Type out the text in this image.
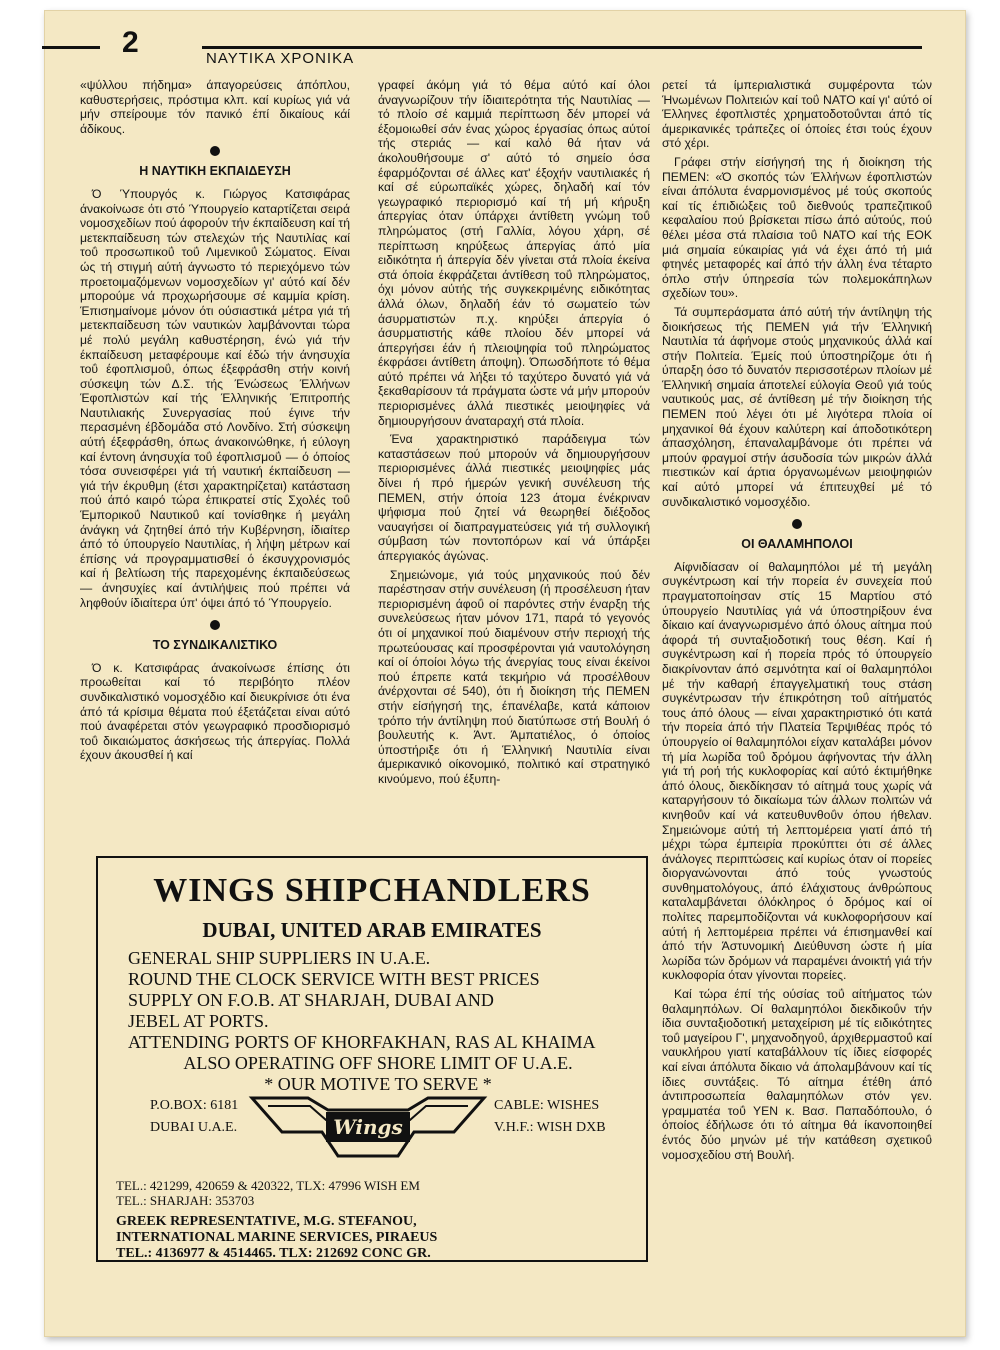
2	ΝΑΥΤΙΚΑ ΧΡΟΝΙΚΑ

«ψύλλου πήδημα» άπαγορεύσεις άπόπλου, καθυστερήσεις, πρόστιμα κλπ. καί κυρίως γιά νά μήν σπείρουμε τόν πανικό έπί δικαίους κάί άδίκους.

Η ΝΑΥΤΙΚΗ ΕΚΠΑΙΔΕΥΣΗ

Ό Ύπουργός κ. Γιώργος Κατσιφάρας άνακοίνωσε ότι στό Ύπουργείο καταρτίζεται σειρά νομοσχεδίων πού άφορούν τήν έκπαίδευση καί τή μετεκπαίδευση τών στελεχών τής Ναυτιλίας καί τοΰ προσωπικοΰ τοΰ Λιμενικοΰ Σώματος. Είναι ώς τή στιγμή αύτή άγνωστο τό περιεχόμενο τών προετοιμαζόμενων νομοσχεδίων γι' αύτό καί δέν μπορούμε νά προχωρήσουμε σέ καμμία κρίση. Έπισημαίνομε μόνον ότι ούσιαστικά μέτρα γιά τή μετεκπαίδευση τών ναυτικών λαμβάνονται τώρα μέ πολύ μεγάλη καθυστέρηση, ένώ γιά τήν έκπαίδευση μεταφέρουμε καί έδώ τήν άνησυχία τοΰ έφοπλισμοΰ, όπως έξεφράσθη στήν κοινή σύσκεψη τών Δ.Σ. τής Ένώσεως Έλλήνων Έφοπλιστών καί τής Έλληνικής Έπιτροπής Ναυτιλιακής Συνεργασίας πού έγινε τήν περασμένη έβδομάδα στό Λονδίνο. Στή σύσκεψη αύτή έξεφράσθη, όπως άνακοινώθηκε, ή εύλογη καί έντονη άνησυχία τοΰ έφοπλισμοΰ — ό όποίος τόσα συνεισφέρει γιά τή ναυτική έκπαίδευση — γιά τήν έκρυθμη (έτσι χαρακτηρίζεται) κατάσταση πού άπό καιρό τώρα έπικρατεί στίς Σχολές τοΰ Έμπορικοΰ Ναυτικοΰ καί τονίσθηκε ή μεγάλη άνάγκη νά ζητηθεί άπό τήν Κυβέρνηση, ίδιαίτερ άπό τό ύπουργείο Ναυτιλίας, ή λήψη μέτρων καί έπίσης νά προγραμματισθεί ό έκσυγχρονισμός καί ή βελτίωση τής παρεχομένης έκπαιδεύσεως — άνησυχίες καί άντιλήψεις πού πρέπει νά ληφθούν ίδιαίτερα ύπ' όψει άπό τό Ύπουργείο.

ΤΟ ΣΥΝΔΙΚΑΛΙΣΤΙΚΟ

Ό κ. Κατσιφάρας άνακοίνωσε έπίσης ότι προωθείται καί τό περιβόητο πλέον συνδικαλιστικό νομοσχέδιο καί διευκρίνισε ότι ένα άπό τά κρίσιμα θέματα πού έξετάζεται είναι αύτό πού άναφέρεται στόν γεωγραφικό προσδιορισμό τοΰ δικαιώματος άσκήσεως τής άπεργίας. Πολλά έχουν άκουσθεί ή καί

γραφεί άκόμη γιά τό θέμα αύτό καί όλοι άναγνωρίζουν τήν ίδιαιτερότητα τής Ναυτιλίας — τό πλοίο σέ καμμιά περίπτωση δέν μπορεί νά έξομοιωθεί σάν ένας χώρος έργασίας όπως αύτοί τής στεριάς — καί καλό θά ήταν νά άκολουθήσουμε σ' αύτό τό σημείο όσα έφαρμόζονται σέ άλλες κατ' έξοχήν ναυτιλιακές ή καί σέ εύρωπαϊκές χώρες, δηλαδή καί τόν γεωγραφικό περιορισμό καί τή μή κήρυξη άπεργίας όταν ύπάρχει άντίθετη γνώμη τοΰ πληρώματος (στή Γαλλία, λόγου χάρη, σέ περίπτωση κηρύξεως άπεργίας άπό μία ειδικότητα ή άπεργία δέν γίνεται στά πλοία έκείνα στά όποία έκφράζεται άντίθεση τοΰ πληρώματος, όχι μόνον αύτής τής συγκεκριμένης ειδικότητας άλλά όλων, δηλαδή έάν τό σωματείο τών άσυρματιστών π.χ. κηρύξει άπεργία ό άσυρματιστής κάθε πλοίου δέν μπορεί νά άπεργήσει έάν ή πλειοψηφία τοΰ πληρώματος έκφράσει άντίθετη άποψη). Όπωσδήποτε τό θέμα αύτό πρέπει νά λήξει τό ταχύτερο δυνατό γιά νά ξεκαθαρίσουν τά πράγματα ώστε νά μήν μπορούν περιορισμένες άλλά πιεστικές μειοψηφίες νά δημιουργήσουν άναταραχή στά πλοία.

Ένα χαρακτηριστικό παράδειγμα τών καταστάσεων πού μπορούν νά δημιουργήσουν περιορισμένες άλλά πιεστικές μειοψηφίες μάς δίνει ή πρό ήμερών γενική συνέλευση τής ΠΕΜΕΝ, στήν όποία 123 άτομα ένέκριναν ψήφισμα πού ζητεί νά θεωρηθεί διέξοδος ναυαγήσει οί διαπραγματεύσεις γιά τή συλλογική σύμβαση τών ποντοπόρων καί νά ύπάρξει άπεργιακός άγώνας.

Σημειώνομε, γιά τούς μηχανικούς πού δέν παρέστησαν στήν συνέλευση (ή προσέλευση ήταν περιορισμένη άφοΰ οί παρόντες στήν έναρξη τής συνελεύσεως ήταν μόνον 171, παρά τό γεγονός ότι οί μηχανικοί πού διαμένουν στήν περιοχή τής πρωτεύουσας καί προσφέρονται γιά ναυτολόγηση καί οί όποίοι λόγω τής άνεργίας τους είναι έκείνοι πού έπρεπε κατά τεκμήριο νά προσέλθουν άνέρχονται σέ 540), ότι ή διοίκηση τής ΠΕΜΕΝ στήν είσήγησή της, έπανέλαβε, κατά κάποιον τρόπο τήν άντίληψη πού διατύπωσε στή Βουλή ό βουλευτής κ. Άντ. Άμπατιέλος, ό όποίος ύποστήριξε ότι ή Έλληνική Ναυτιλία είναι άμερικανικό οίκονομικό, πολιτικό καί στρατηγικό κινούμενο, πού έξυπη-

ρετεί τά ίμπεριαλιστικά συμφέροντα τών Ήνωμένων Πολιτειών καί τοΰ ΝΑΤΟ καί γι' αύτό οί Έλληνες έφοπλιστές χρηματοδοτοΰνται άπό τίς άμερικανικές τράπεζες οί όποίες έτσι τούς έχουν στό χέρι.

Γράφει στήν είσήγησή της ή διοίκηση τής ΠΕΜΕΝ: «Ό σκοπός τών Έλλήνων έφοπλιστών είναι άπόλυτα έναρμονισμένος μέ τούς σκοπούς καί τίς έπιδιώξεις τοΰ διεθνούς τραπεζιτικοΰ κεφαλαίου πού βρίσκεται πίσω άπό αύτούς, πού θέλει μέσα στά πλαίσια τοΰ ΝΑΤΟ καί τής ΕΟΚ μιά σημαία εύκαιρίας γιά νά έχει άπό τή μιά φτηνές μεταφορές καί άπό τήν άλλη ένα τέταρτο όπλο στήν ύπηρεσία τών πολεμοκάπηλων σχεδίων του».

Τά συμπεράσματα άπό αύτή τήν άντίληψη τής διοικήσεως τής ΠΕΜΕΝ γιά τήν Έλληνική Ναυτιλία τά άφήνομε στούς μηχανικούς άλλά καί στήν Πολιτεία. Έμείς πού ύποστηρίζομε ότι ή ύπαρξη όσο τό δυνατόν περισσοτέρων πλοίων μέ Έλληνική σημαία άποτελεί εύλογία Θεοΰ γιά τούς ναυτικούς μας, σέ άντίθεση μέ τήν διοίκηση τής ΠΕΜΕΝ πού λέγει ότι μέ λιγότερα πλοία οί μηχανικοί θά έχουν καλύτερη καί άποδοτικότερη άπασχόληση, έπαναλαμβάνομε ότι πρέπει νά μπούν φραγμοί στήν άσυδοσία τών μικρών άλλά πιεστικών καί άρτια όργανωμένων μειοψηφιών καί αύτό μπορεί νά έπιτευχθεί μέ τό συνδικαλιστικό νομοσχέδιο.

ΟΙ ΘΑΛΑΜΗΠΟΛΟΙ

Αίφνιδίασαν οί θαλαμηπόλοι μέ τή μεγάλη συγκέντρωση καί τήν πορεία έν συνεχεία πού πραγματοποίησαν στίς 15 Μαρτίου στό ύπουργείο Ναυτιλίας γιά νά ύποστηρίξουν ένα δίκαιο καί άναγνωρισμένο άπό όλους αίτημα πού άφορά τή συνταξιοδοτική τους θέση. Καί ή συγκέντρωση καί ή πορεία πρός τό ύπουργείο διακρίνονταν άπό σεμνότητα καί οί θαλαμηπόλοι μέ τήν καθαρή έπαγγελματική τους στάση συγκέντρωσαν τήν έπικρότηση τοΰ αίτήματός τους άπό όλους — είναι χαρακτηριστικό ότι κατά τήν πορεία άπό τήν Πλατεία Τερψιθέας πρός τό ύπουργείο οί θαλαμηπόλοι είχαν καταλάβει μόνον τή μία λωρίδα τοΰ δρόμου άφήνοντας τήν άλλη γιά τή ροή τής κυκλοφορίας καί αύτό έκτιμήθηκε άπό όλους, διεκδίκησαν τό αίτημά τους χωρίς νά καταργήσουν τό δικαίωμα τών άλλων πολιτών νά κινηθοΰν καί νά κατευθυνθοΰν όπου ήθελαν. Σημειώνομε αύτή τή λεπτομέρεια γιατί άπό τή μέχρι τώρα έμπειρία προκύπτει ότι σέ άλλες άνάλογες περιπτώσεις καί κυρίως όταν οί πορείες διοργανώνονται άπό τούς γνωστούς συνθηματολόγους, άπό έλάχιστους άνθρώπους καταλαμβάνεται όλόκληρος ό δρόμος καί οί πολίτες παρεμποδίζονται νά κυκλοφορήσουν καί αύτή ή λεπτομέρεια πρέπει νά έπισημανθεί καί άπό τήν Άστυνομική Διεύθυνση ώστε ή μία λωρίδα τών δρόμων νά παραμένει άνοικτή γιά τήν κυκλοφορία όταν γίνονται πορείες.

Καί τώρα έπί τής ούσίας τοΰ αίτήματος τών θαλαμηπόλων. Οί θαλαμηπόλοι διεκδικοΰν τήν ίδια συνταξιοδοτική μεταχείριση μέ τίς ειδικότητες τοΰ μαγείρου Γ', μηχανοδηγοΰ, άρχιθερμαστοΰ καί ναυκλήρου γιατί καταβάλλουν τίς ίδιες είσφορές καί είναι άπόλυτα δίκαιο νά άπολαμβάνουν καί τίς ίδιες συντάξεις. Τό αίτημα έτέθη άπό άντιπροσωπεία θαλαμηπόλων στόν γεν. γραμματέα τοΰ ΥΕΝ κ. Βασ. Παπαδόπουλο, ό όποίος έδήλωσε ότι τό αίτημα θά ίκανοποιηθεί έντός δύο μηνών μέ τήν κατάθεση σχετικοΰ νομοσχεδίου στή Βουλή.

WINGS SHIPCHANDLERS
DUBAI, UNITED ARAB EMIRATES
GENERAL SHIP SUPPLIERS IN U.A.E.
ROUND THE CLOCK SERVICE WITH BEST PRICES
SUPPLY ON F.O.B. AT SHARJAH, DUBAI AND
JEBEL AT PORTS.
ATTENDING PORTS OF KHORFAKHAN, RAS AL KHAIMA
ALSO OPERATING OFF SHORE LIMIT OF U.A.E.
* OUR MOTIVE TO SERVE *
P.O.BOX: 6181
DUBAI U.A.E.	Wings
CABLE: WISHES
V.H.F.: WISH DXB
TEL.: 421299, 420659 & 420322, TLX: 47996 WISH EM
TEL.: SHARJAH: 353703
GREEK REPRESENTATIVE, M.G. STEFANOU,
INTERNATIONAL MARINE SERVICES, PIRAEUS
TEL.: 4136977 & 4514465. TLX: 212692 CONC GR.
